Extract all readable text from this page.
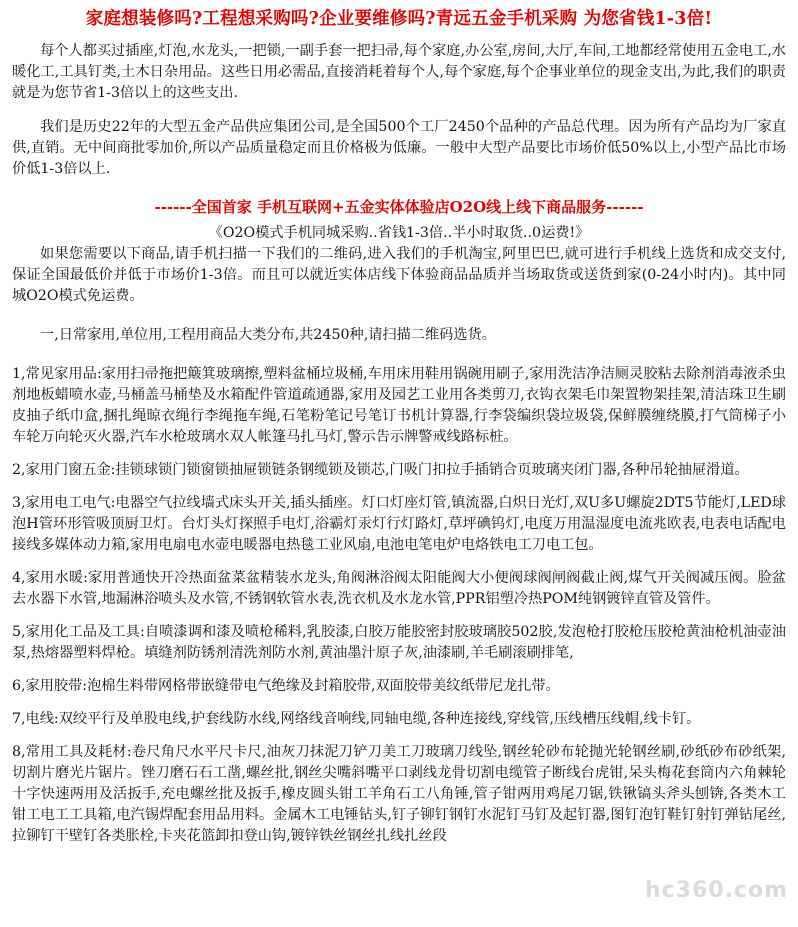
家庭想装修吗?工程想采购吗?企业要维修吗?青远五金手机采购 为您省钱1-3倍!

每个人都买过插座,灯泡,水龙头,一把锁,一副手套一把扫帚,每个家庭,办公室,房间,大厅,车间,工地都经常使用五金电工,水暖化工,工具钉类,土木日杂用品。这些日用必需品,直接消耗着每个人,每个家庭,每个企事业单位的现金支出,为此,我们的职责就是为您节省1-3倍以上的这些支出.

我们是历史22年的大型五金产品供应集团公司,是全国500个工厂2450个品种的产品总代理。因为所有产品均为厂家直供,直销。无中间商批零加价,所以产品质量稳定而且价格极为低廉。一般中大型产品要比市场价低50%以上,小型产品比市场价低1-3倍以上.

------全国首家 手机互联网+五金实体体验店O2O线上线下商品服务------
《O2O模式手机同城采购..省钱1-3倍..半小时取货..0运费!》

如果您需要以下商品,请手机扫描一下我们的二维码,进入我们的手机淘宝,阿里巴巴,就可进行手机线上选货和成交支付,保证全国最低价并低于市场价1-3倍。而且可以就近实体店线下体验商品品质并当场取货或送货到家(0-24小时内)。其中同城O2O模式免运费。

一,日常家用,单位用,工程用商品大类分布,共2450种,请扫描二维码选货。

1,常见家用品:家用扫帚拖把簸箕玻璃擦,塑料盆桶垃圾桶,车用床用鞋用锅碗用刷子,家用洗洁净洁厕灵胶粘去除剂消毒液杀虫剂地板蜡喷水壶,马桶盖马桶垫及水箱配件管道疏通器,家用及园艺工业用各类剪刀,衣钩衣架毛巾架置物架挂架,清洁珠卫生刷皮抽子纸巾盒,捆扎绳晾衣绳行李绳拖车绳,石笔粉笔记号笔订书机计算器,行李袋编织袋垃圾袋,保鲜膜缠绕膜,打气筒梯子小车轮万向轮灭火器,汽车水枪玻璃水双人帐篷马扎马灯,警示告示牌警戒线路标桩。

2,家用门窗五金:挂锁球锁门锁窗锁抽屉锁链条钢缆锁及锁芯,门吸门扣拉手插销合页玻璃夹闭门器,各种吊轮抽屉滑道。

3,家用电工电气:电器空气拉线墙式床头开关,插头插座。灯口灯座灯管,镇流器,白炽日光灯,双U多U螺旋2DT5节能灯,LED球泡H管环形管吸顶厨卫灯。台灯头灯探照手电灯,浴霸灯汞灯行灯路灯,草坪碘钨灯,电度万用温湿度电流兆欧表,电表电话配电接线多媒体动力箱,家用电扇电水壶电暖器电热毯工业风扇,电池电笔电炉电烙铁电工刀电工包。

4,家用水暖:家用普通快开冷热面盆菜盆精装水龙头,角阀淋浴阀太阳能阀大小便阀球阀闸阀截止阀,煤气开关阀减压阀。脸盆去水器下水管,地漏淋浴喷头及水管,不锈钢软管水表,洗衣机及水龙水管,PPR铝塑冷热POM纯钢镀锌直管及管件。

5,家用化工品及工具:自喷漆调和漆及喷枪稀料,乳胶漆,白胶万能胶密封胶玻璃胶502胶,发泡枪打胶枪压胶枪黄油枪机油壶油泵,热熔器塑料焊枪。填缝剂防锈剂清洗剂防水剂,黄油墨汁原子灰,油漆刷,羊毛刷滚刷排笔,

6,家用胶带:泡棉生料带网格带嵌缝带电气绝缘及封箱胶带,双面胶带美纹纸带尼龙扎带。

7,电线:双绞平行及单股电线,护套线防水线,网络线音响线,同轴电缆,各种连接线,穿线管,压线槽压线帽,线卡钉。

8,常用工具及耗材:卷尺角尺水平尺卡尺,油灰刀抹泥刀铲刀美工刀玻璃刀线坠,钢丝轮砂布轮抛光轮钢丝刷,砂纸砂布砂纸架,切割片磨光片锯片。锉刀磨石石工凿,螺丝批,钢丝尖嘴斜嘴平口剥线龙骨切割电缆管子断线台虎钳,呆头梅花套筒内六角棘轮十字快速两用及活扳手,充电螺丝批及扳手,橡皮圆头钳工羊角石工八角锤,管子钳两用鸡尾刀锯,铁锹镐头斧头刨锛,各类木工钳工电工工具箱,电汽锡焊配套用品用料。金属木工电锤钻头,钉子铆钉钢钉水泥钉马钉及起钉器,图钉泡钉鞋钉射钉弹钻尾丝,拉铆钉干壁钉各类胀栓,卡夹花篮卸扣登山钩,镀锌铁丝钢丝扎线扎丝段

hc360.com
